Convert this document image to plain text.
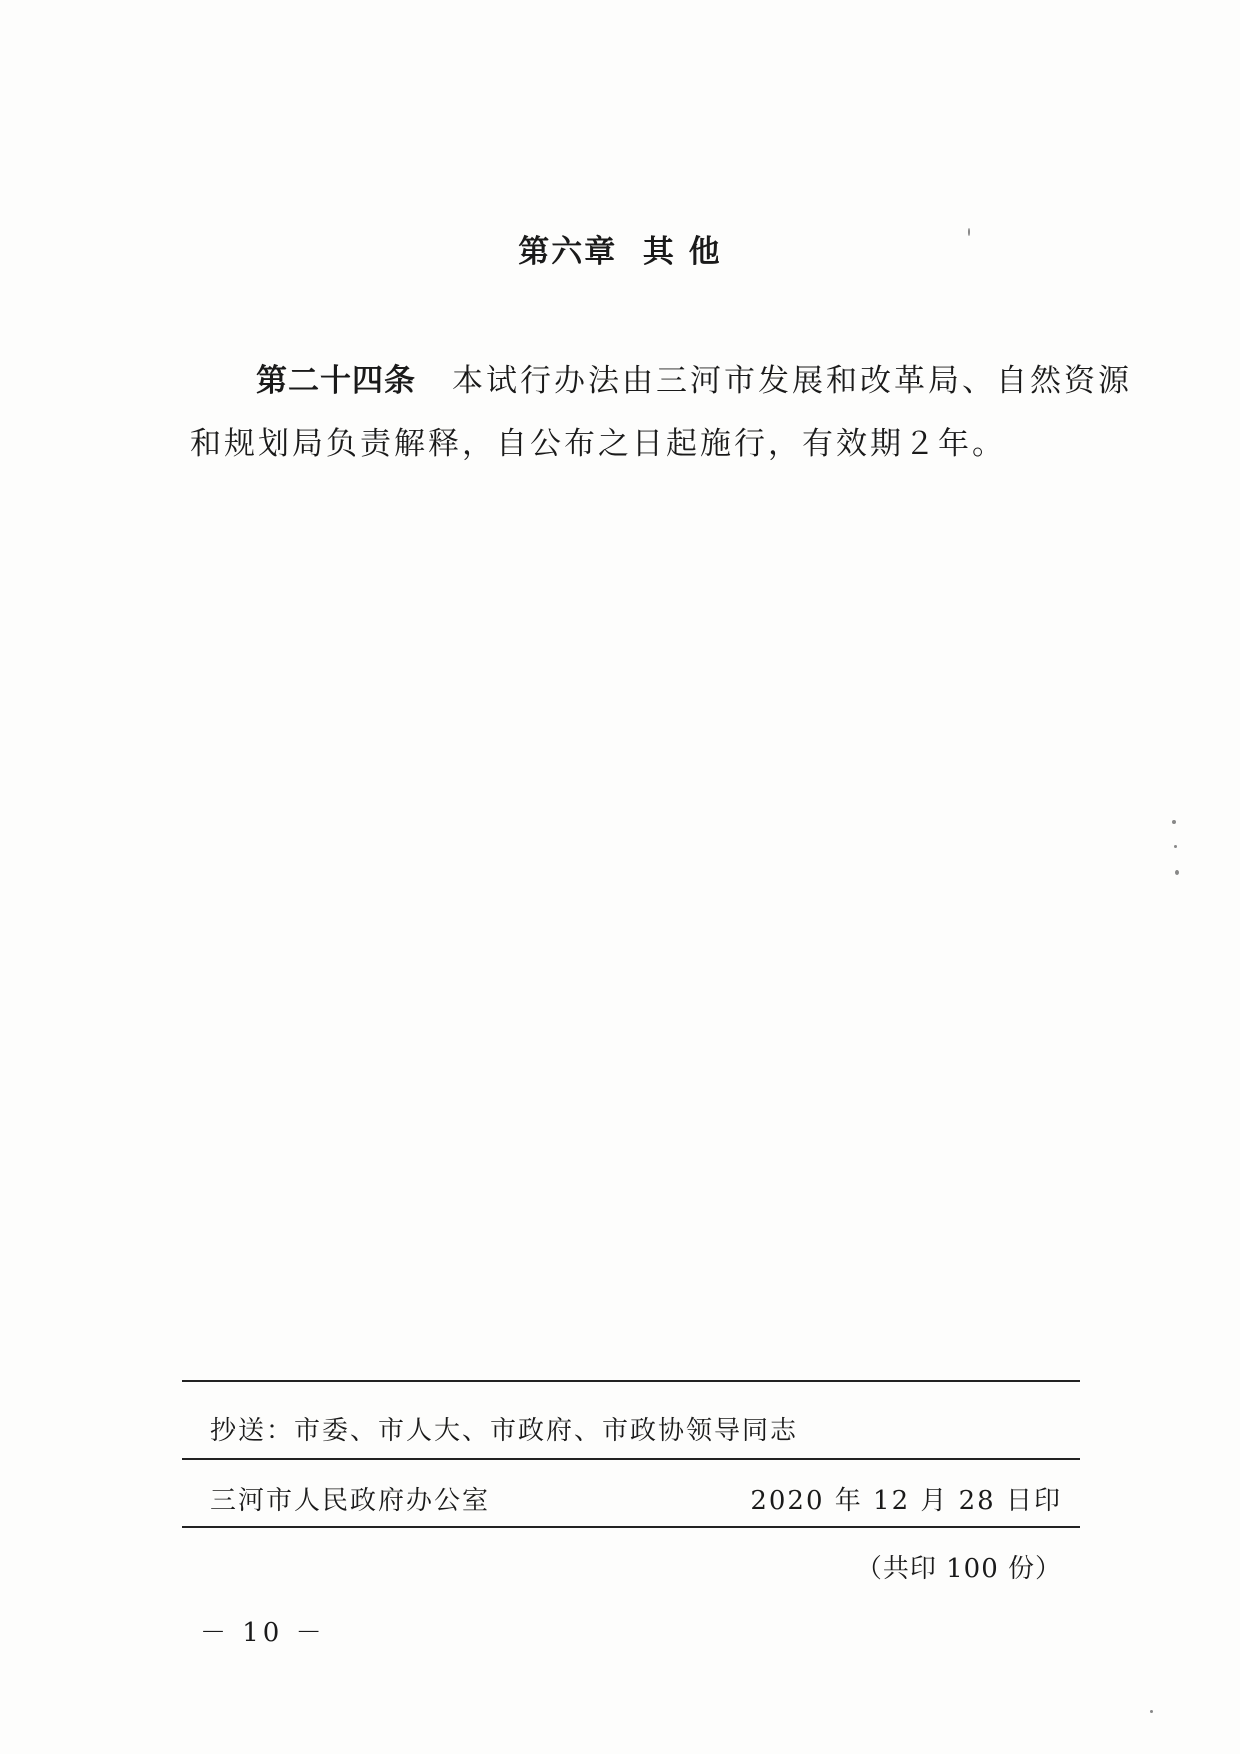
第六章  其 他
第二十四条 本试行办法由三河市发展和改革局、自然资源
和规划局负责解释，自公布之日起施行，有效期２年。
抄送：市委、市人大、市政府、市政协领导同志
三河市人民政府办公室	2020 年 12 月 28 日印
（共印 100 份）
－ 10 －
